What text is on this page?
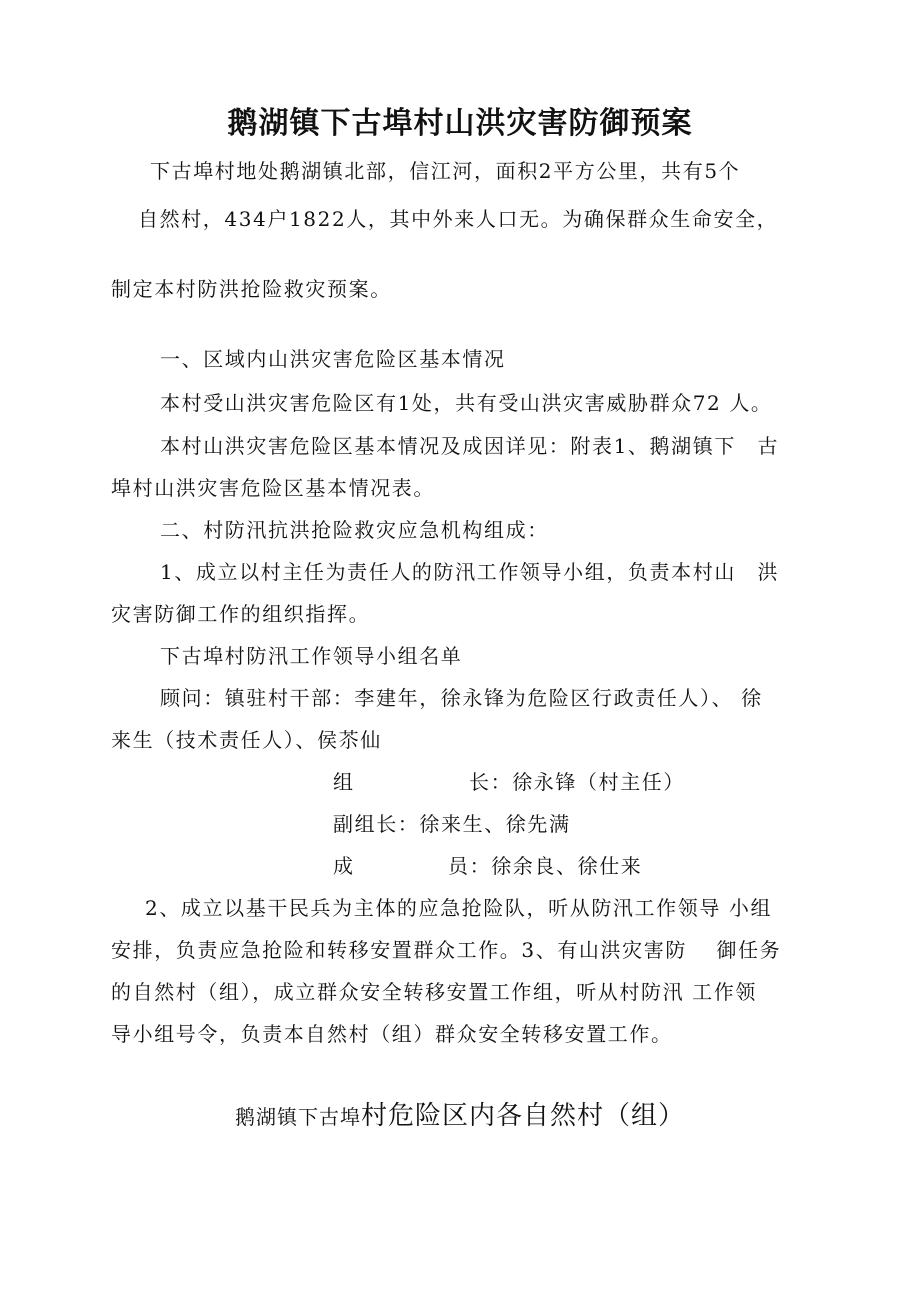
鹅湖镇下古埠村山洪灾害防御预案
下古埠村地处鹅湖镇北部，信江河，面积2平方公里，共有5个
自然村，434户1822人，其中外来人口无。为确保群众生命安全，
制定本村防洪抢险救灾预案。
一、区域内山洪灾害危险区基本情况
本村受山洪灾害危险区有1处，共有受山洪灾害威胁群众72 人。
本村山洪灾害危险区基本情况及成因详见：附表1、鹅湖镇下　古
埠村山洪灾害危险区基本情况表。
二、村防汛抗洪抢险救灾应急机构组成：
1、成立以村主任为责任人的防汛工作领导小组，负责本村山　洪
灾害防御工作的组织指挥。
下古埠村防汛工作领导小组名单
顾问：镇驻村干部：李建年，徐永锋为危险区行政责任人）、 徐
来生（技术责任人）、侯苶仙
组	长：徐永锋（村主任）
副组长：徐来生、徐先满
成	员：徐余良、徐仕来
2、成立以基干民兵为主体的应急抢险队，听从防汛工作领导 小组
安排，负责应急抢险和转移安置群众工作。3、有山洪灾害防　 御任务
的自然村（组），成立群众安全转移安置工作组，听从村防汛 工作领
导小组号令，负责本自然村（组）群众安全转移安置工作。
鹅湖镇下古埠村危险区内各自然村（组）
